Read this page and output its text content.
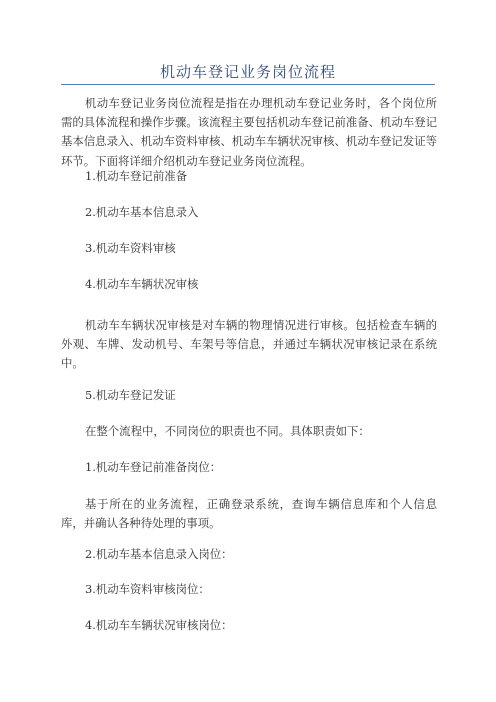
机动车登记业务岗位流程

机动车登记业务岗位流程是指在办理机动车登记业务时，各个岗位所需的具体流程和操作步骤。该流程主要包括机动车登记前准备、机动车登记基本信息录入、机动车资料审核、机动车车辆状况审核、机动车登记发证等环节。下面将详细介绍机动车登记业务岗位流程。

1.机动车登记前准备

2.机动车基本信息录入

3.机动车资料审核

4.机动车车辆状况审核

机动车车辆状况审核是对车辆的物理情况进行审核。包括检查车辆的外观、车牌、发动机号、车架号等信息，并通过车辆状况审核记录在系统中。

5.机动车登记发证

在整个流程中，不同岗位的职责也不同。具体职责如下：

1.机动车登记前准备岗位：

基于所在的业务流程，正确登录系统，查询车辆信息库和个人信息库，并确认各种待处理的事项。

2.机动车基本信息录入岗位：

3.机动车资料审核岗位：

4.机动车车辆状况审核岗位：
